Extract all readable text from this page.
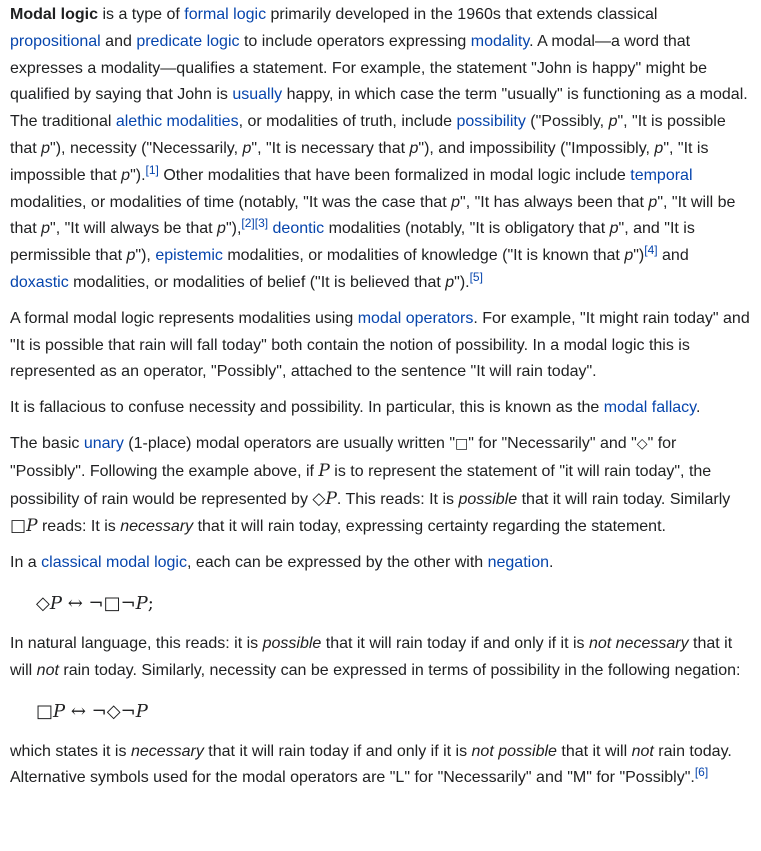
Modal logic is a type of formal logic primarily developed in the 1960s that extends classical propositional and predicate logic to include operators expressing modality. A modal—a word that expresses a modality—qualifies a statement. For example, the statement "John is happy" might be qualified by saying that John is usually happy, in which case the term "usually" is functioning as a modal. The traditional alethic modalities, or modalities of truth, include possibility ("Possibly, p", "It is possible that p"), necessity ("Necessarily, p", "It is necessary that p"), and impossibility ("Impossibly, p", "It is impossible that p").[1] Other modalities that have been formalized in modal logic include temporal modalities, or modalities of time (notably, "It was the case that p", "It has always been that p", "It will be that p", "It will always be that p"),[2][3] deontic modalities (notably, "It is obligatory that p", and "It is permissible that p"), epistemic modalities, or modalities of knowledge ("It is known that p")[4] and doxastic modalities, or modalities of belief ("It is believed that p").[5]

A formal modal logic represents modalities using modal operators. For example, "It might rain today" and "It is possible that rain will fall today" both contain the notion of possibility. In a modal logic this is represented as an operator, "Possibly", attached to the sentence "It will rain today".

It is fallacious to confuse necessity and possibility. In particular, this is known as the modal fallacy.

The basic unary (1-place) modal operators are usually written "□" for "Necessarily" and "◇" for "Possibly". Following the example above, if P is to represent the statement of "it will rain today", the possibility of rain would be represented by ◇P. This reads: It is possible that it will rain today. Similarly □P reads: It is necessary that it will rain today, expressing certainty regarding the statement.

In a classical modal logic, each can be expressed by the other with negation.

◇P ↔ ¬□¬P;

In natural language, this reads: it is possible that it will rain today if and only if it is not necessary that it will not rain today. Similarly, necessity can be expressed in terms of possibility in the following negation:

□P ↔ ¬◇¬P

which states it is necessary that it will rain today if and only if it is not possible that it will not rain today. Alternative symbols used for the modal operators are "L" for "Necessarily" and "M" for "Possibly".[6]
